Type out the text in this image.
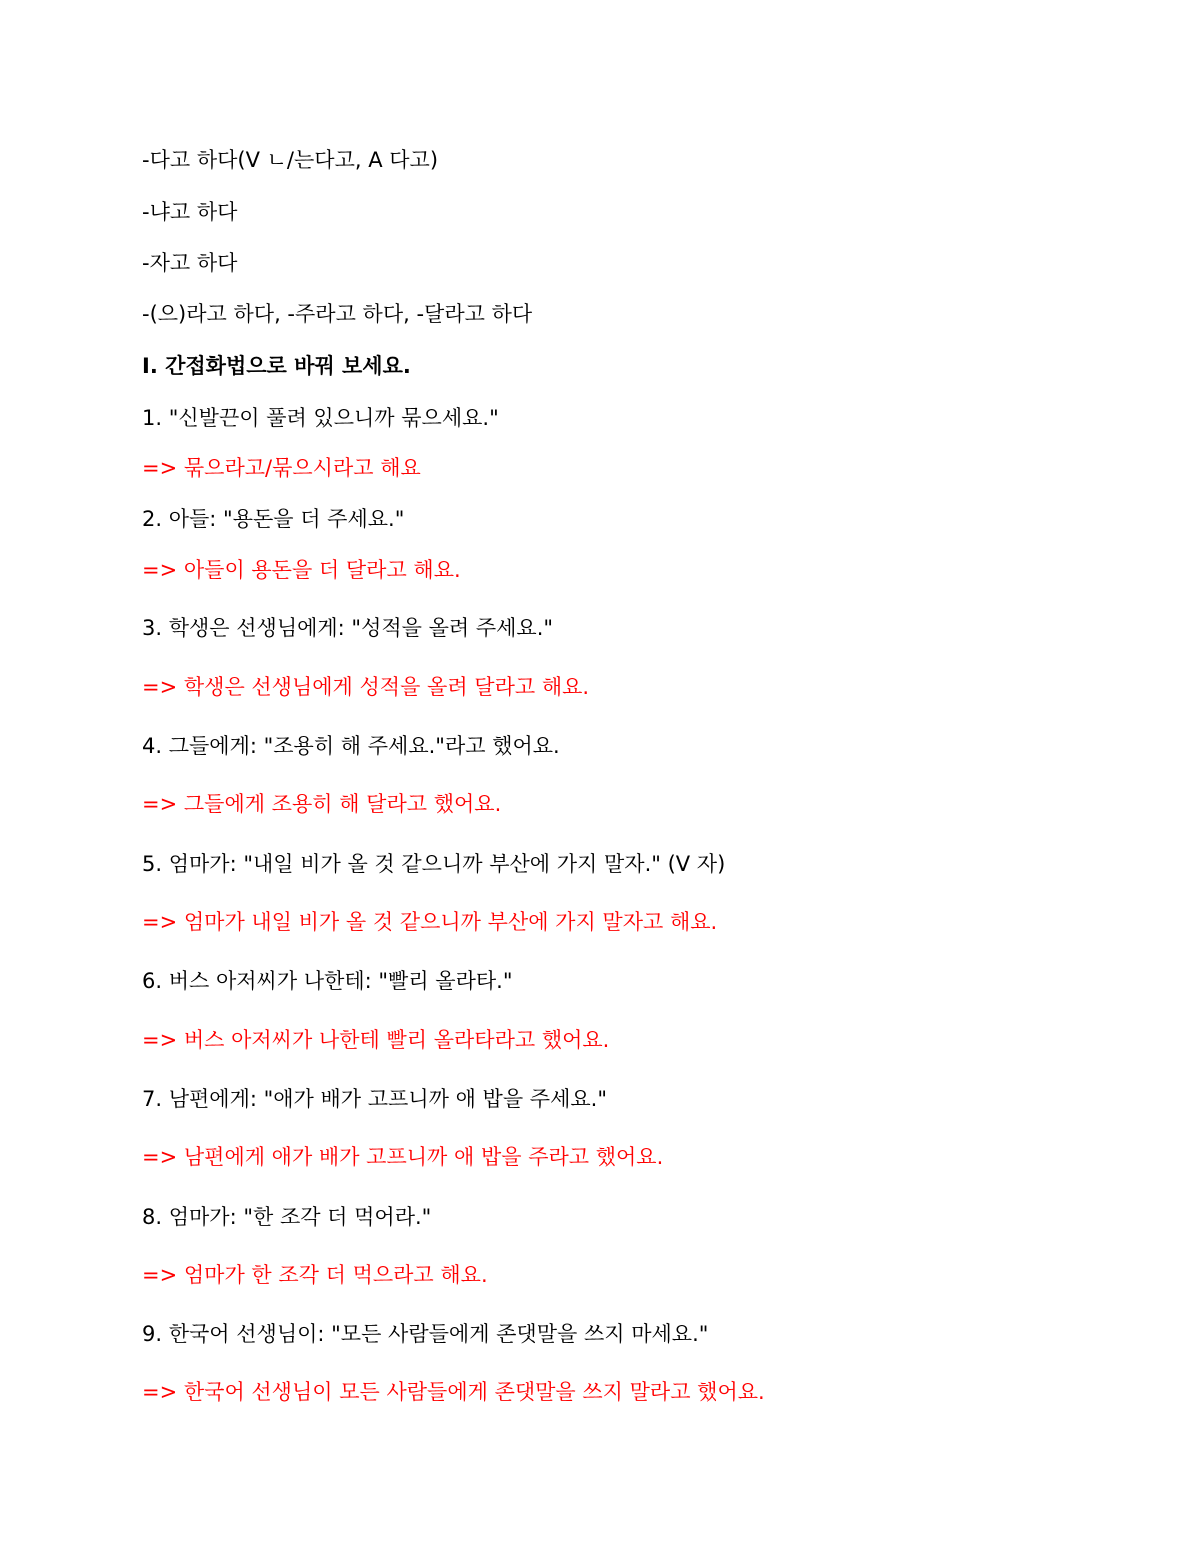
-다고 하다(V ㄴ/는다고, A 다고)
-냐고 하다
-자고 하다
-(으)라고 하다, -주라고 하다, -달라고 하다
I. 간접화법으로 바꿔 보세요.
1. "신발끈이 풀려 있으니까 묶으세요."
=> 묶으라고/묶으시라고 해요
2. 아들: "용돈을 더 주세요."
=> 아들이 용돈을 더 달라고 해요.
3. 학생은 선생님에게: "성적을 올려 주세요."
=> 학생은 선생님에게 성적을 올려 달라고 해요.
4. 그들에게: "조용히 해 주세요."라고 했어요.
=> 그들에게 조용히 해 달라고 했어요.
5. 엄마가: "내일 비가 올 것 같으니까 부산에 가지 말자." (V 자)
=> 엄마가 내일 비가 올 것 같으니까 부산에 가지 말자고 해요.
6. 버스 아저씨가 나한테: "빨리 올라타."
=> 버스 아저씨가 나한테 빨리 올라타라고 했어요.
7. 남편에게: "애가 배가 고프니까 애 밥을 주세요."
=> 남편에게 애가 배가 고프니까 애 밥을 주라고 했어요.
8. 엄마가: "한 조각 더 먹어라."
=> 엄마가 한 조각 더 먹으라고 해요.
9. 한국어 선생님이: "모든 사람들에게 존댓말을 쓰지 마세요."
=> 한국어 선생님이 모든 사람들에게 존댓말을 쓰지 말라고 했어요.
